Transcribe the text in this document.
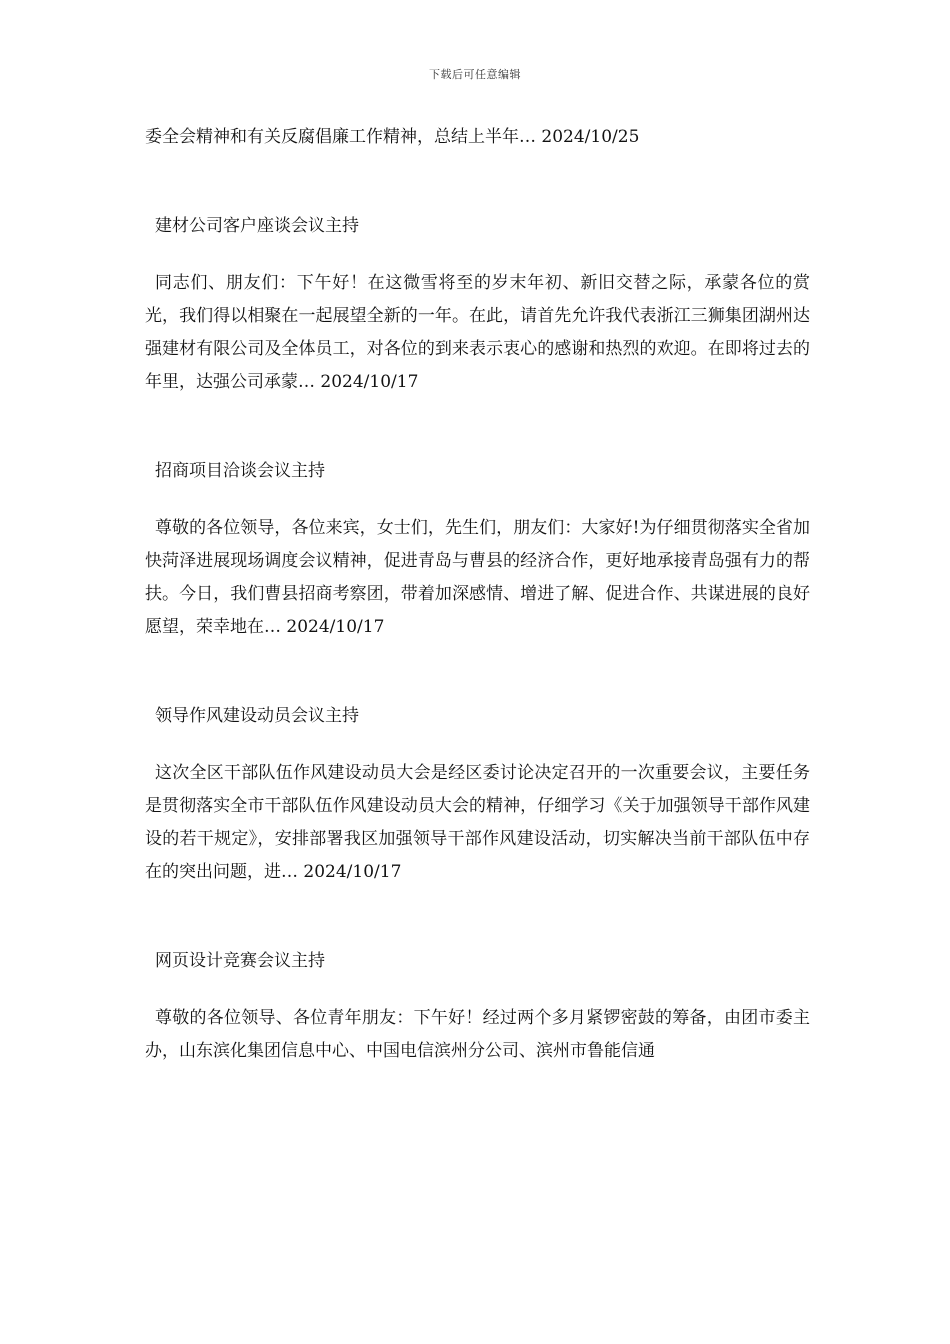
下载后可任意编辑

委全会精神和有关反腐倡廉工作精神，总结上半年… 2024/10/25

建材公司客户座谈会议主持

同志们、朋友们：下午好！在这微雪将至的岁末年初、新旧交替之际，承蒙各位的赏光，我们得以相聚在一起展望全新的一年。在此，请首先允许我代表浙江三狮集团湖州达强建材有限公司及全体员工，对各位的到来表示衷心的感谢和热烈的欢迎。在即将过去的年里，达强公司承蒙… 2024/10/17

招商项目洽谈会议主持

尊敬的各位领导，各位来宾，女士们，先生们，朋友们：大家好!为仔细贯彻落实全省加快菏泽进展现场调度会议精神，促进青岛与曹县的经济合作，更好地承接青岛强有力的帮扶。今日，我们曹县招商考察团，带着加深感情、增进了解、促进合作、共谋进展的良好愿望，荣幸地在… 2024/10/17

领导作风建设动员会议主持

这次全区干部队伍作风建设动员大会是经区委讨论决定召开的一次重要会议，主要任务是贯彻落实全市干部队伍作风建设动员大会的精神，仔细学习《关于加强领导干部作风建设的若干规定》，安排部署我区加强领导干部作风建设活动，切实解决当前干部队伍中存在的突出问题，进… 2024/10/17

网页设计竞赛会议主持

尊敬的各位领导、各位青年朋友：下午好！经过两个多月紧锣密鼓的筹备，由团市委主办，山东滨化集团信息中心、中国电信滨州分公司、滨州市鲁能信通
